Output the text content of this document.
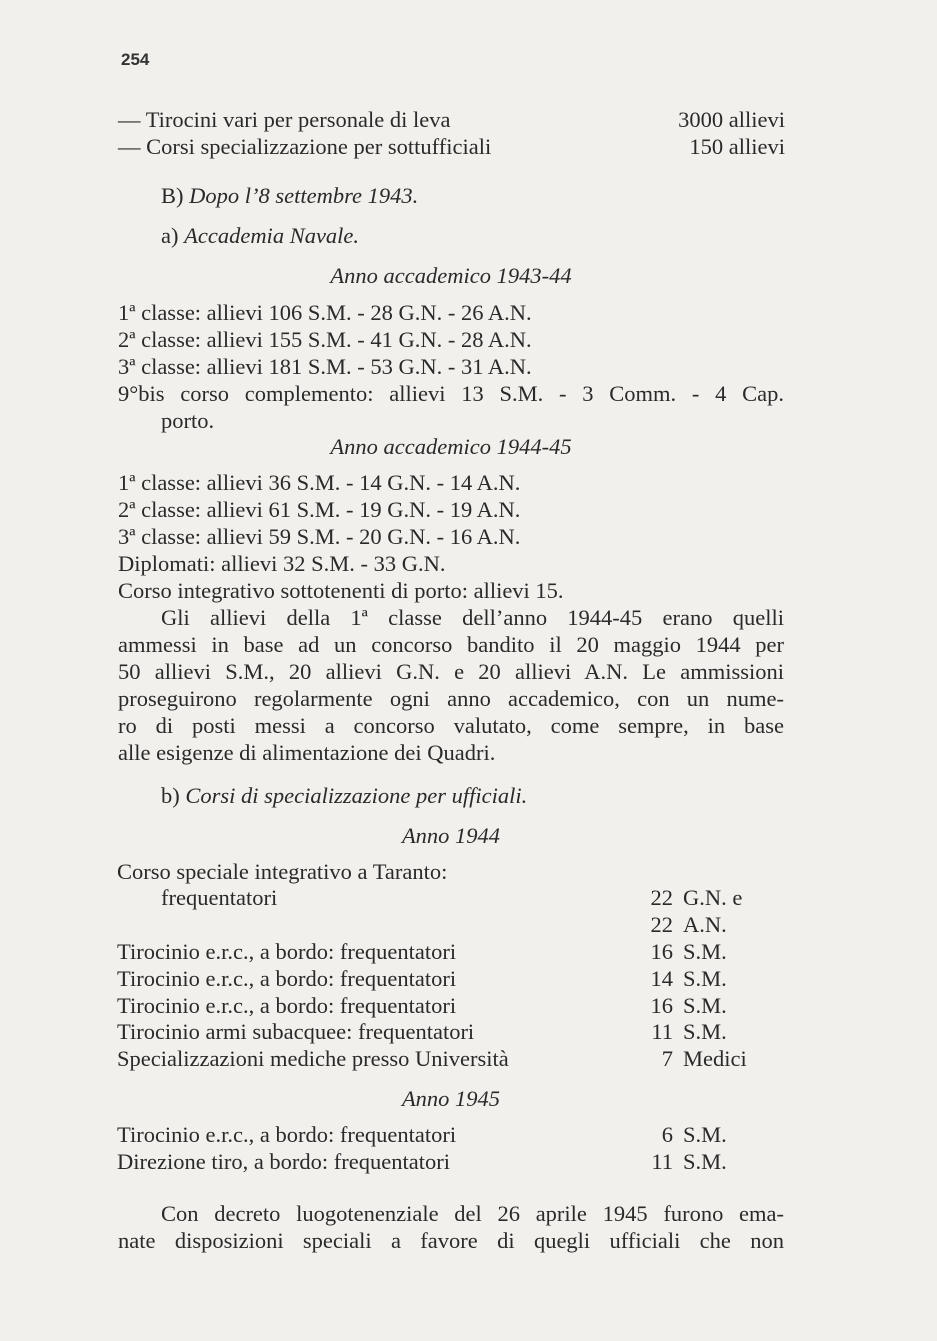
254
— Tirocini vari per personale di leva	3000 allievi
— Corsi specializzazione per sottufficiali	150 allievi
B) Dopo l’8 settembre 1943.
a) Accademia Navale.
Anno accademico 1943-44
1ª classe: allievi 106 S.M. - 28 G.N. - 26 A.N.
2ª classe: allievi 155 S.M. - 41 G.N. - 28 A.N.
3ª classe: allievi 181 S.M. - 53 G.N. - 31 A.N.
9°bis corso complemento: allievi 13 S.M. - 3 Comm. - 4 Cap.
porto.
Anno accademico 1944-45
1ª classe: allievi 36 S.M. - 14 G.N. - 14 A.N.
2ª classe: allievi 61 S.M. - 19 G.N. - 19 A.N.
3ª classe: allievi 59 S.M. - 20 G.N. - 16 A.N.
Diplomati: allievi 32 S.M. - 33 G.N.
Corso integrativo sottotenenti di porto: allievi 15.
Gli allievi della 1ª classe dell’anno 1944-45 erano quelli
ammessi in base ad un concorso bandito il 20 maggio 1944 per
50 allievi S.M., 20 allievi G.N. e 20 allievi A.N. Le ammissioni
proseguirono regolarmente ogni anno accademico, con un nume-
ro di posti messi a concorso valutato, come sempre, in base
alle esigenze di alimentazione dei Quadri.
b) Corsi di specializzazione per ufficiali.
Anno 1944
Corso speciale integrativo a Taranto:
frequentatori	22 G.N. e
22 A.N.
Tirocinio e.r.c., a bordo: frequentatori	16 S.M.
Tirocinio e.r.c., a bordo: frequentatori	14 S.M.
Tirocinio e.r.c., a bordo: frequentatori	16 S.M.
Tirocinio armi subacquee: frequentatori	11 S.M.
Specializzazioni mediche presso Università	7 Medici
Anno 1945
Tirocinio e.r.c., a bordo: frequentatori	6 S.M.
Direzione tiro, a bordo: frequentatori	11 S.M.
Con decreto luogotenenziale del 26 aprile 1945 furono ema-
nate disposizioni speciali a favore di quegli ufficiali che non
